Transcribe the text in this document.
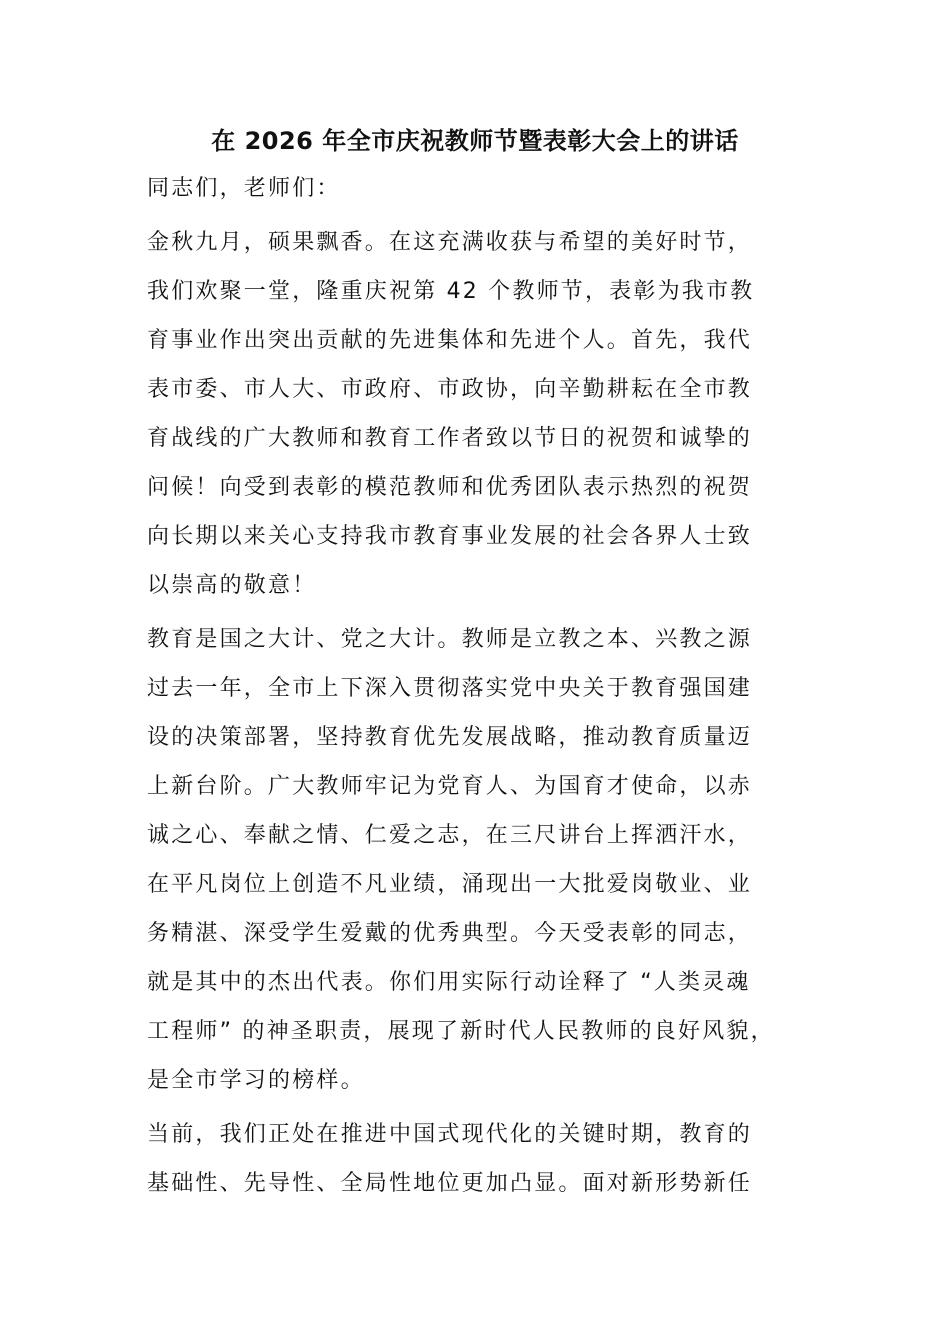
在 2026 年全市庆祝教师节暨表彰大会上的讲话
同志们，老师们：
金秋九月，硕果飘香。在这充满收获与希望的美好时节，
我们欢聚一堂，隆重庆祝第 42 个教师节，表彰为我市教
育事业作出突出贡献的先进集体和先进个人。首先，我代
表市委、市人大、市政府、市政协，向辛勤耕耘在全市教
育战线的广大教师和教育工作者致以节日的祝贺和诚挚的
问候！向受到表彰的模范教师和优秀团队表示热烈的祝贺
向长期以来关心支持我市教育事业发展的社会各界人士致
以崇高的敬意！
教育是国之大计、党之大计。教师是立教之本、兴教之源
过去一年，全市上下深入贯彻落实党中央关于教育强国建
设的决策部署，坚持教育优先发展战略，推动教育质量迈
上新台阶。广大教师牢记为党育人、为国育才使命，以赤
诚之心、奉献之情、仁爱之志，在三尺讲台上挥洒汗水，
在平凡岗位上创造不凡业绩，涌现出一大批爱岗敬业、业
务精湛、深受学生爱戴的优秀典型。今天受表彰的同志，
就是其中的杰出代表。你们用实际行动诠释了 “人类灵魂
工程师” 的神圣职责，展现了新时代人民教师的良好风貌，
是全市学习的榜样。
当前，我们正处在推进中国式现代化的关键时期，教育的
基础性、先导性、全局性地位更加凸显。面对新形势新任
